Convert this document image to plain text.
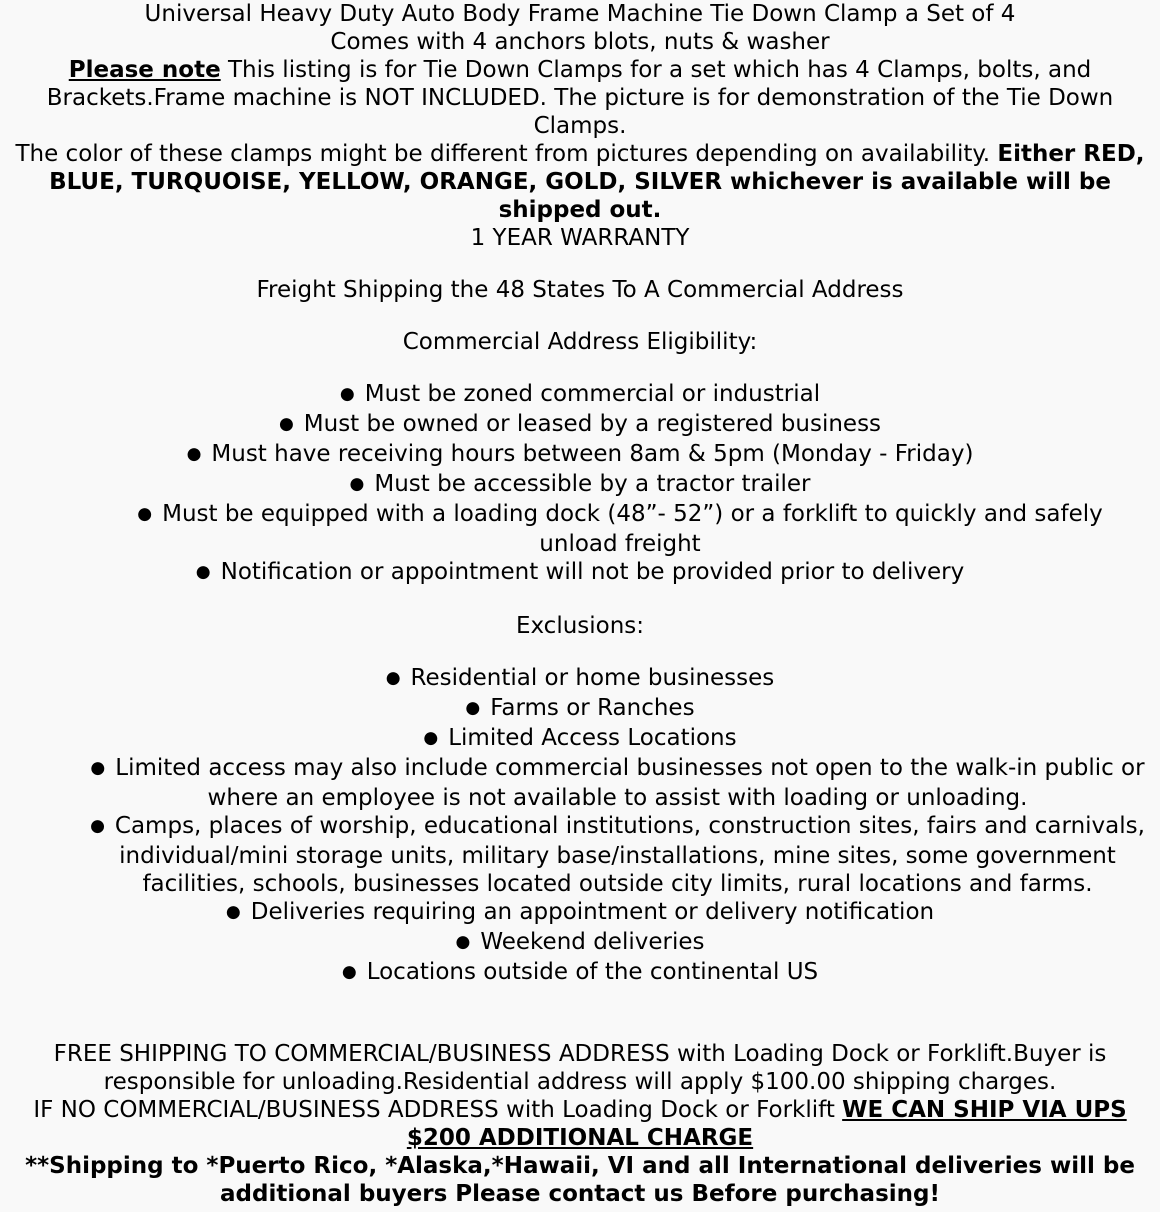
Universal Heavy Duty Auto Body Frame Machine Tie Down Clamp a Set of 4

Comes with 4 anchors blots, nuts & washer

Please note This listing is for Tie Down Clamps for a set which has 4 Clamps, bolts, and Brackets.Frame machine is NOT INCLUDED. The picture is for demonstration of the Tie Down Clamps.

The color of these clamps might be different from pictures depending on availability. Either RED, BLUE, TURQUOISE, YELLOW, ORANGE, GOLD, SILVER whichever is available will be shipped out.

1 YEAR WARRANTY

Freight Shipping the 48 States To A Commercial Address

Commercial Address Eligibility:

● Must be zoned commercial or industrial
● Must be owned or leased by a registered business
● Must have receiving hours between 8am & 5pm (Monday - Friday)
● Must be accessible by a tractor trailer
● Must be equipped with a loading dock (48”- 52”) or a forklift to quickly and safely unload freight
● Notification or appointment will not be provided prior to delivery

Exclusions:

● Residential or home businesses
● Farms or Ranches
● Limited Access Locations
● Limited access may also include commercial businesses not open to the walk-in public or where an employee is not available to assist with loading or unloading.
● Camps, places of worship, educational institutions, construction sites, fairs and carnivals, individual/mini storage units, military base/installations, mine sites, some government facilities, schools, businesses located outside city limits, rural locations and farms.
● Deliveries requiring an appointment or delivery notification
● Weekend deliveries
● Locations outside of the continental US

FREE SHIPPING TO COMMERCIAL/BUSINESS ADDRESS with Loading Dock or Forklift.Buyer is responsible for unloading.Residential address will apply $100.00 shipping charges.

IF NO COMMERCIAL/BUSINESS ADDRESS with Loading Dock or Forklift WE CAN SHIP VIA UPS $200 ADDITIONAL CHARGE

**Shipping to *Puerto Rico, *Alaska,*Hawaii, VI and all International deliveries will be additional buyers Please contact us Before purchasing!
